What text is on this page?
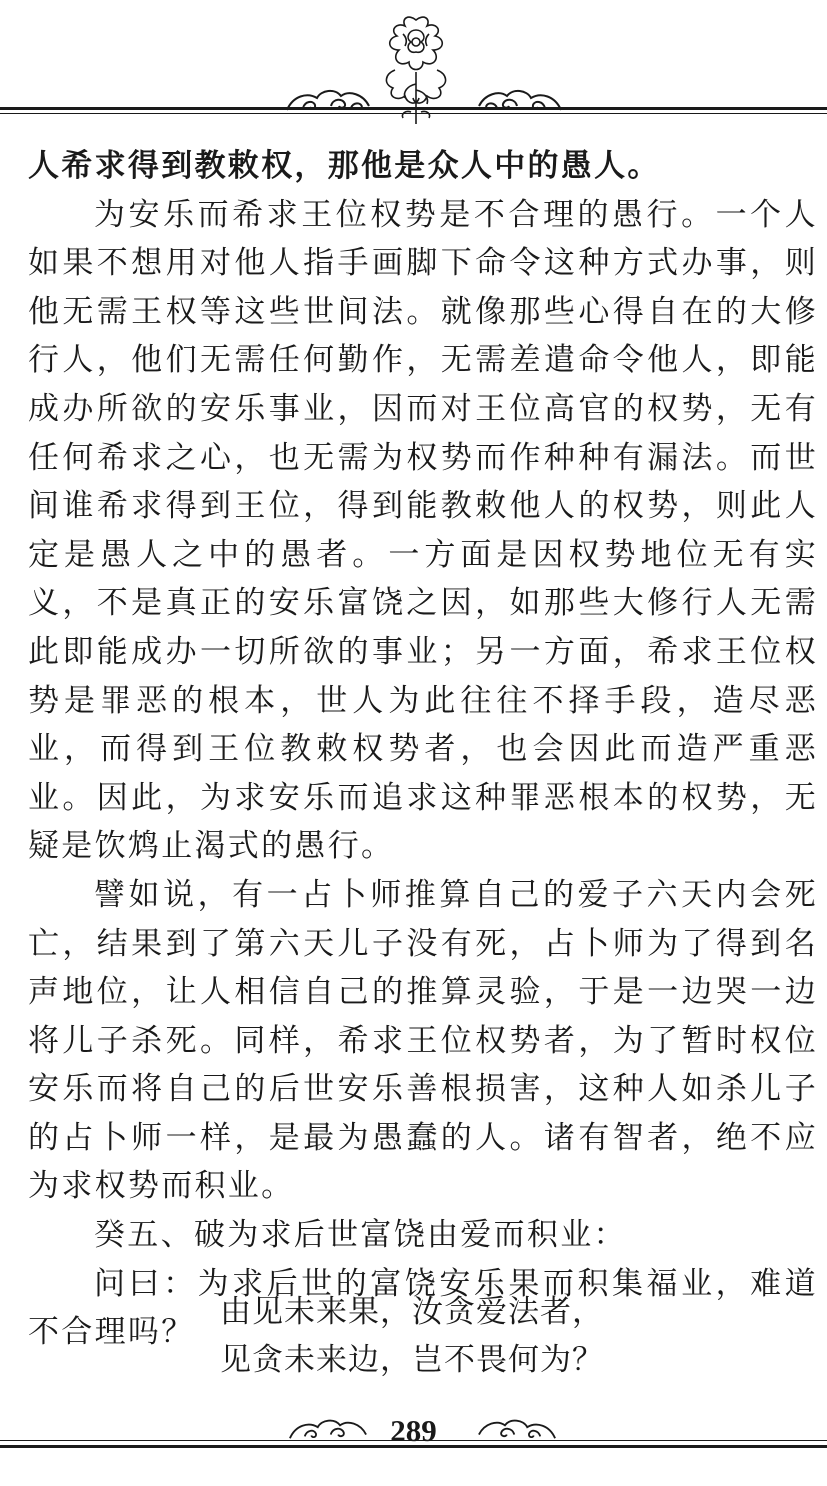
人希求得到教敕权，那他是众人中的愚人。

为安乐而希求王位权势是不合理的愚行。一个人如果不想用对他人指手画脚下命令这种方式办事，则他无需王权等这些世间法。就像那些心得自在的大修行人，他们无需任何勤作，无需差遣命令他人，即能成办所欲的安乐事业，因而对王位高官的权势，无有任何希求之心，也无需为权势而作种种有漏法。而世间谁希求得到王位，得到能教敕他人的权势，则此人定是愚人之中的愚者。一方面是因权势地位无有实义，不是真正的安乐富饶之因，如那些大修行人无需此即能成办一切所欲的事业；另一方面，希求王位权势是罪恶的根本，世人为此往往不择手段，造尽恶业，而得到王位教敕权势者，也会因此而造严重恶业。因此，为求安乐而追求这种罪恶根本的权势，无疑是饮鸩止渴式的愚行。

譬如说，有一占卜师推算自己的爱子六天内会死亡，结果到了第六天儿子没有死，占卜师为了得到名声地位，让人相信自己的推算灵验，于是一边哭一边将儿子杀死。同样，希求王位权势者，为了暂时权位安乐而将自己的后世安乐善根损害，这种人如杀儿子的占卜师一样，是最为愚蠢的人。诸有智者，绝不应为求权势而积业。

癸五、破为求后世富饶由爱而积业：

问曰：为求后世的富饶安乐果而积集福业，难道不合理吗？

由见未来果，汝贪爱法者，

见贪未来边，岂不畏何为？

289
